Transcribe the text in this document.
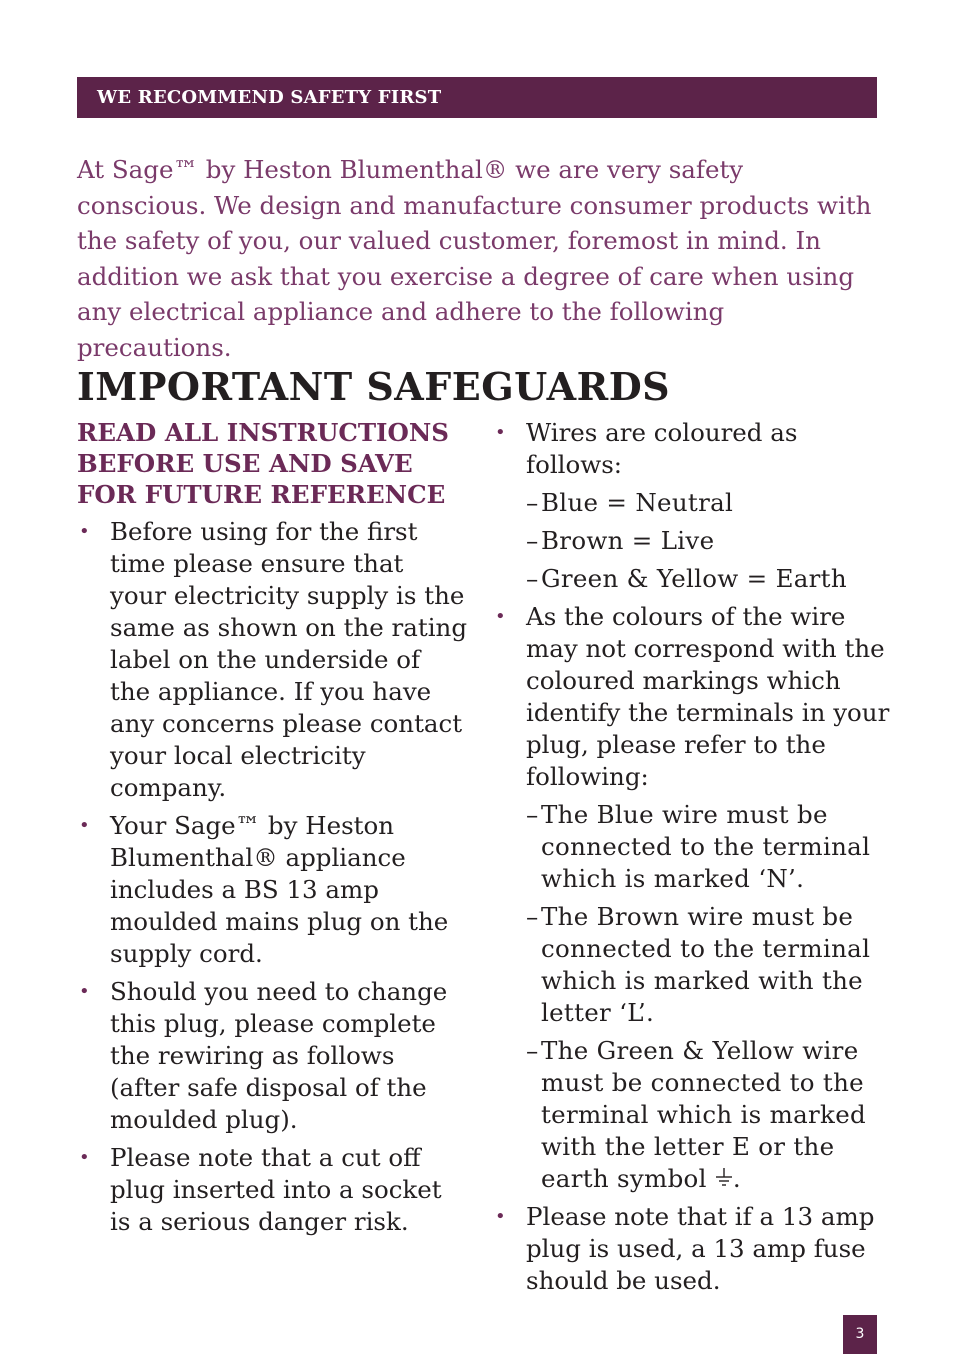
WE RECOMMEND SAFETY FIRST

At Sage™ by Heston Blumenthal® we are very safety conscious. We design and manufacture consumer products with the safety of you, our valued customer, foremost in mind. In addition we ask that you exercise a degree of care when using any electrical appliance and adhere to the following precautions.

IMPORTANT SAFEGUARDS
READ ALL INSTRUCTIONS BEFORE USE AND SAVE FOR FUTURE REFERENCE
• Before using for the first time please ensure that your electricity supply is the same as shown on the rating label on the underside of the appliance. If you have any concerns please contact your local electricity company.
• Your Sage™ by Heston Blumenthal® appliance includes a BS 13 amp moulded mains plug on the supply cord.
• Should you need to change this plug, please complete the rewiring as follows (after safe disposal of the moulded plug).
• Please note that a cut off plug inserted into a socket is a serious danger risk.
• Wires are coloured as follows:
– Blue = Neutral
– Brown = Live
– Green & Yellow = Earth
• As the colours of the wire may not correspond with the coloured markings which identify the terminals in your plug, please refer to the following:
– The Blue wire must be connected to the terminal which is marked ‘N’.
– The Brown wire must be connected to the terminal which is marked with the letter ‘L’.
– The Green & Yellow wire must be connected to the terminal which is marked with the letter E or the earth symbol .
• Please note that if a 13 amp plug is used, a 13 amp fuse should be used.
3
